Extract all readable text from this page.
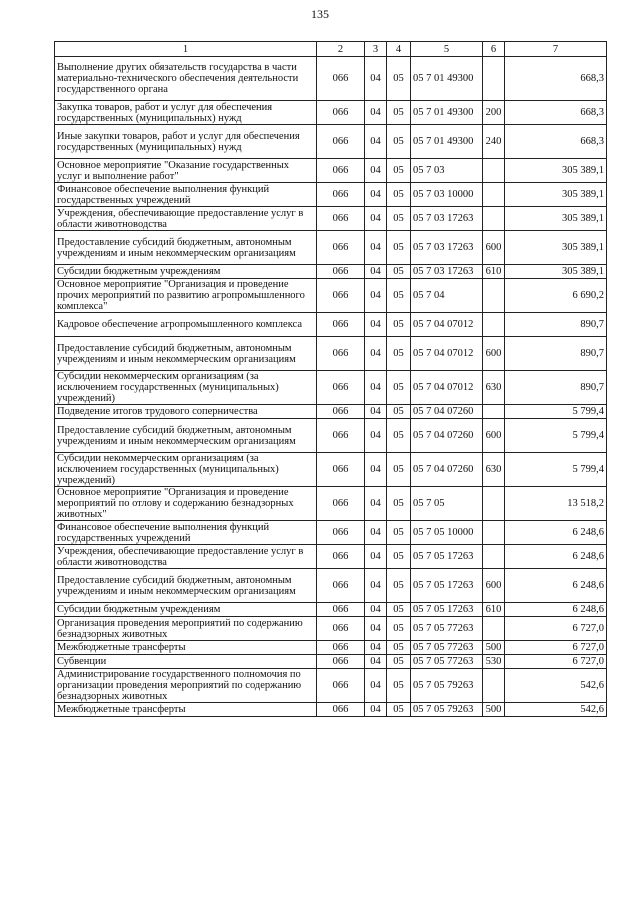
135
1	2	3	4	5	6	7
Выполнение других обязательств государства в части материально-технического обеспечения деятельности государственного органа	066	04	05	05 7 01 49300		668,3
Закупка товаров, работ и услуг для обеспечения государственных (муниципальных) нужд	066	04	05	05 7 01 49300	200	668,3
Иные закупки товаров, работ и услуг для обеспечения государственных (муниципальных) нужд	066	04	05	05 7 01 49300	240	668,3
Основное мероприятие "Оказание государственных услуг и выполнение работ"	066	04	05	05 7 03		305 389,1
Финансовое обеспечение выполнения функций государственных учреждений	066	04	05	05 7 03 10000		305 389,1
Учреждения, обеспечивающие предоставление услуг в области животноводства	066	04	05	05 7 03 17263		305 389,1
Предоставление субсидий бюджетным, автономным учреждениям и иным некоммерческим организациям	066	04	05	05 7 03 17263	600	305 389,1
Субсидии бюджетным учреждениям	066	04	05	05 7 03 17263	610	305 389,1
Основное мероприятие "Организация и проведение прочих мероприятий по развитию агропромышленного комплекса"	066	04	05	05 7 04		6 690,2
Кадровое обеспечение агропромышленного комплекса	066	04	05	05 7 04 07012		890,7
Предоставление субсидий бюджетным, автономным учреждениям и иным некоммерческим организациям	066	04	05	05 7 04 07012	600	890,7
Субсидии некоммерческим организациям (за исключением государственных (муниципальных) учреждений)	066	04	05	05 7 04 07012	630	890,7
Подведение итогов трудового соперничества	066	04	05	05 7 04 07260		5 799,4
Предоставление субсидий бюджетным, автономным учреждениям и иным некоммерческим организациям	066	04	05	05 7 04 07260	600	5 799,4
Субсидии некоммерческим организациям (за исключением государственных (муниципальных) учреждений)	066	04	05	05 7 04 07260	630	5 799,4
Основное мероприятие "Организация и проведение мероприятий по отлову и содержанию безнадзорных животных"	066	04	05	05 7 05		13 518,2
Финансовое обеспечение выполнения функций государственных учреждений	066	04	05	05 7 05 10000		6 248,6
Учреждения, обеспечивающие предоставление услуг в области животноводства	066	04	05	05 7 05 17263		6 248,6
Предоставление субсидий бюджетным, автономным учреждениям и иным некоммерческим организациям	066	04	05	05 7 05 17263	600	6 248,6
Субсидии бюджетным учреждениям	066	04	05	05 7 05 17263	610	6 248,6
Организация проведения мероприятий по содержанию безнадзорных животных	066	04	05	05 7 05 77263		6 727,0
Межбюджетные трансферты	066	04	05	05 7 05 77263	500	6 727,0
Субвенции	066	04	05	05 7 05 77263	530	6 727,0
Администрирование государственного полномочия по организации проведения мероприятий по содержанию безнадзорных животных	066	04	05	05 7 05 79263		542,6
Межбюджетные трансферты	066	04	05	05 7 05 79263	500	542,6
